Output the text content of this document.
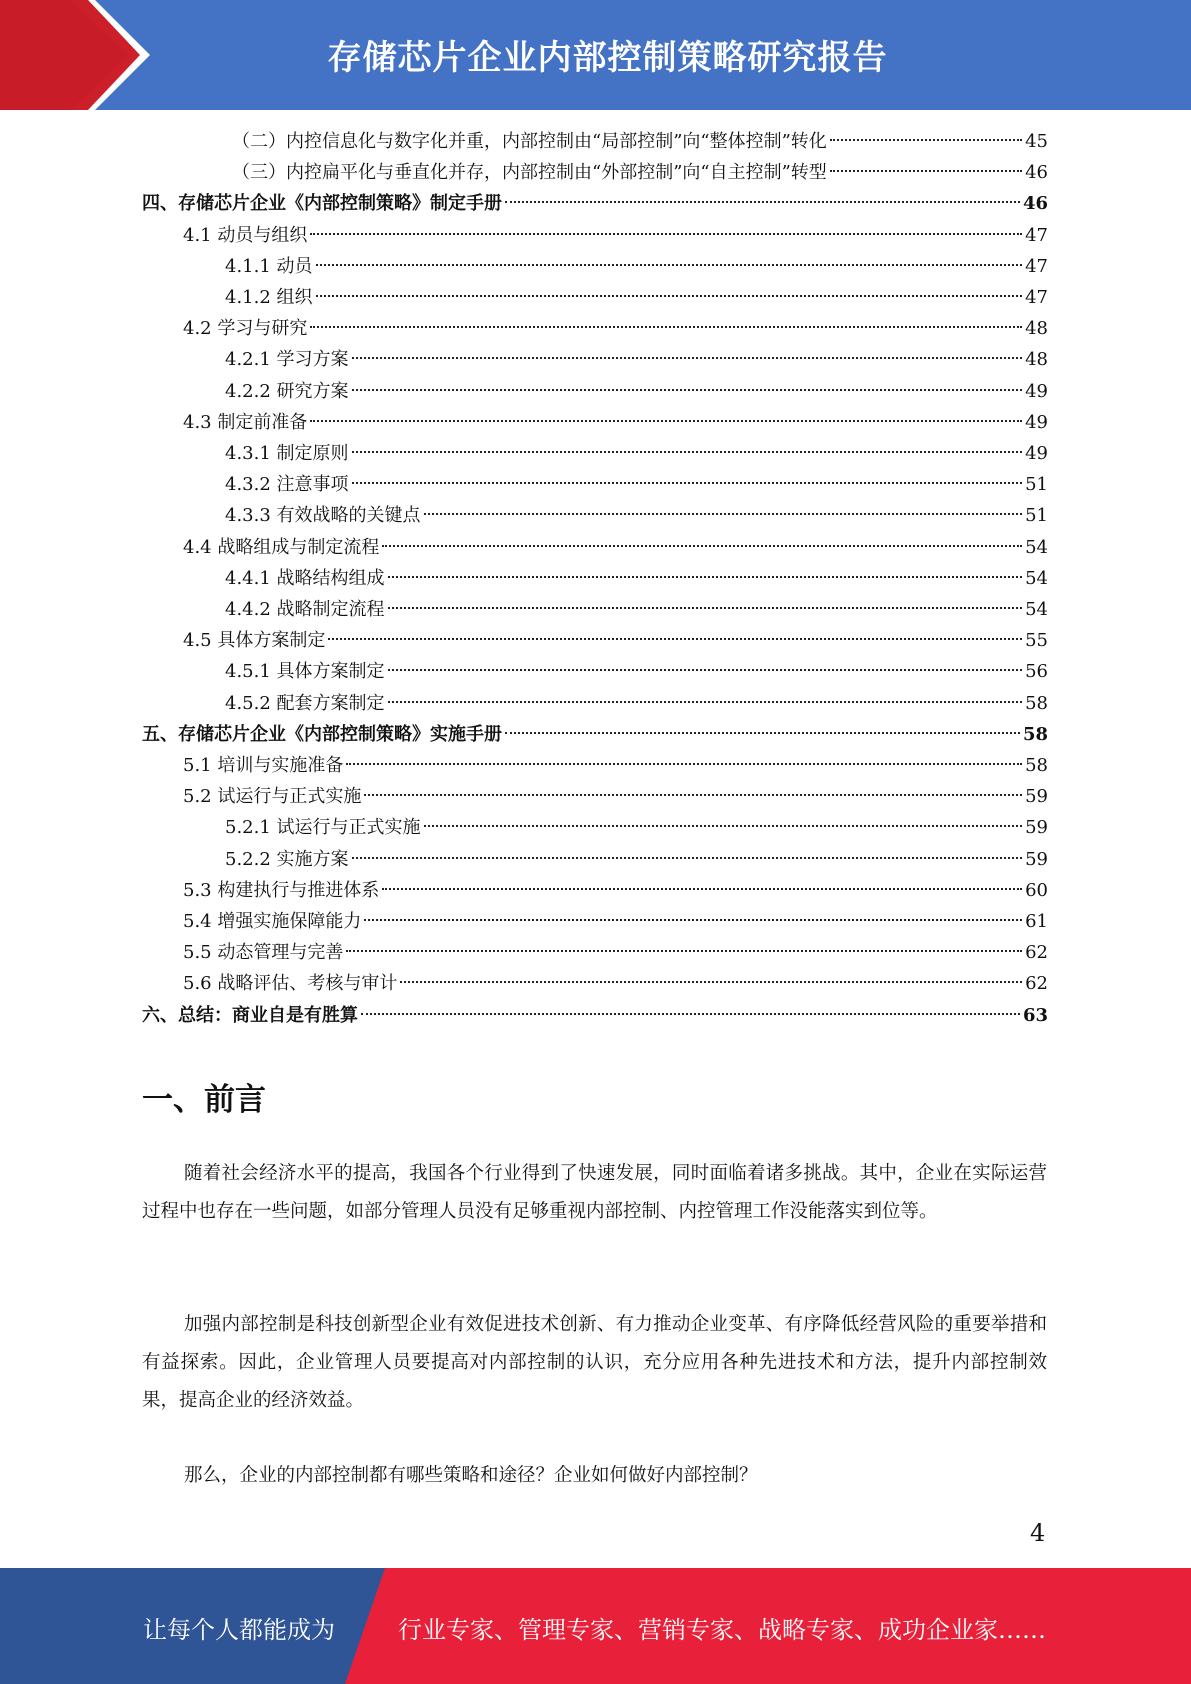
存储芯片企业内部控制策略研究报告
（二）内控信息化与数字化并重，内部控制由“局部控制”向“整体控制”转化	45
（三）内控扁平化与垂直化并存，内部控制由“外部控制”向“自主控制”转型	46
四、存储芯片企业《内部控制策略》制定手册	46
4.1 动员与组织	47
4.1.1 动员	47
4.1.2 组织	47
4.2 学习与研究	48
4.2.1 学习方案	48
4.2.2 研究方案	49
4.3 制定前准备	49
4.3.1 制定原则	49
4.3.2 注意事项	51
4.3.3 有效战略的关键点	51
4.4 战略组成与制定流程	54
4.4.1 战略结构组成	54
4.4.2 战略制定流程	54
4.5 具体方案制定	55
4.5.1 具体方案制定	56
4.5.2 配套方案制定	58
五、存储芯片企业《内部控制策略》实施手册	58
5.1 培训与实施准备	58
5.2 试运行与正式实施	59
5.2.1 试运行与正式实施	59
5.2.2 实施方案	59
5.3 构建执行与推进体系	60
5.4 增强实施保障能力	61
5.5 动态管理与完善	62
5.6 战略评估、考核与审计	62
六、总结：商业自是有胜算	63
一、前言

随着社会经济水平的提高，我国各个行业得到了快速发展，同时面临着诸多挑战。其中，企业在实际运营过程中也存在一些问题，如部分管理人员没有足够重视内部控制、内控管理工作没能落实到位等。

加强内部控制是科技创新型企业有效促进技术创新、有力推动企业变革、有序降低经营风险的重要举措和有益探索。因此，企业管理人员要提高对内部控制的认识，充分应用各种先进技术和方法，提升内部控制效果，提高企业的经济效益。

那么，企业的内部控制都有哪些策略和途径？企业如何做好内部控制？

4
让每个人都能成为	行业专家、管理专家、营销专家、战略专家、成功企业家……
